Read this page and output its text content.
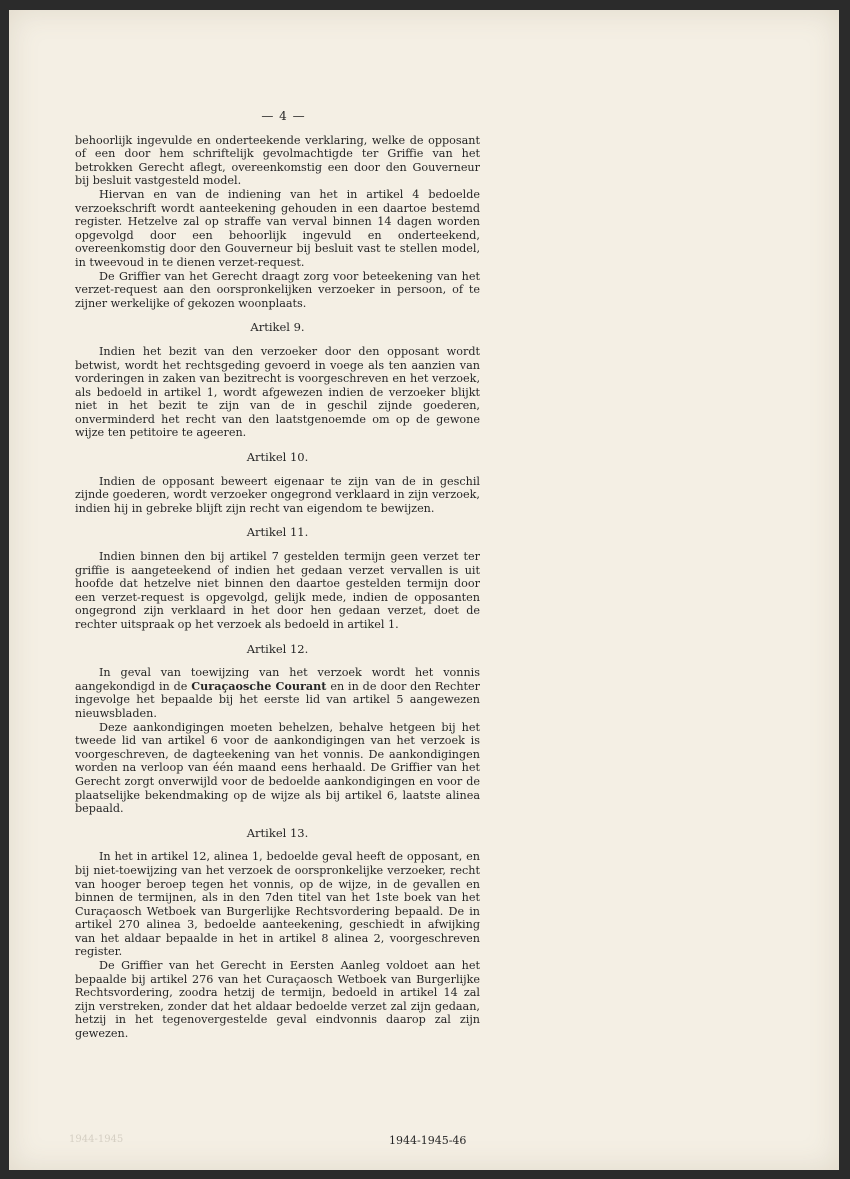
— 4 —

behoorlijk ingevulde en onderteekende verklaring, welke de opposant of een door hem schriftelijk gevolmachtigde ter Griffie van het betrokken Gerecht aflegt, overeenkomstig een door den Gouverneur bij besluit vastgesteld model.

Hiervan en van de indiening van het in artikel 4 bedoelde verzoekschrift wordt aanteekening gehouden in een daartoe bestemd register. Hetzelve zal op straffe van verval binnen 14 dagen worden opgevolgd door een behoorlijk ingevuld en onderteekend, overeenkomstig door den Gouverneur bij besluit vast te stellen model, in tweevoud in te dienen verzet-request.

De Griffier van het Gerecht draagt zorg voor beteekening van het verzet-request aan den oorspronkelijken verzoeker in persoon, of te zijner werkelijke of gekozen woonplaats.

Artikel 9.

Indien het bezit van den verzoeker door den opposant wordt betwist, wordt het rechtsgeding gevoerd in voege als ten aanzien van vorderingen in zaken van bezitrecht is voorgeschreven en het verzoek, als bedoeld in artikel 1, wordt afgewezen indien de verzoeker blijkt niet in het bezit te zijn van de in geschil zijnde goederen, onverminderd het recht van den laatstgenoemde om op de gewone wijze ten petitoire te ageeren.

Artikel 10.

Indien de opposant beweert eigenaar te zijn van de in geschil zijnde goederen, wordt verzoeker ongegrond verklaard in zijn verzoek, indien hij in gebreke blijft zijn recht van eigendom te bewijzen.

Artikel 11.

Indien binnen den bij artikel 7 gestelden termijn geen verzet ter griffie is aangeteekend of indien het gedaan verzet vervallen is uit hoofde dat hetzelve niet binnen den daartoe gestelden termijn door een verzet-request is opgevolgd, gelijk mede, indien de opposanten ongegrond zijn verklaard in het door hen gedaan verzet, doet de rechter uitspraak op het verzoek als bedoeld in artikel 1.

Artikel 12.

In geval van toewijzing van het verzoek wordt het vonnis aangekondigd in de Curaçaosche Courant en in de door den Rechter ingevolge het bepaalde bij het eerste lid van artikel 5 aangewezen nieuwsbladen.

Deze aankondigingen moeten behelzen, behalve hetgeen bij het tweede lid van artikel 6 voor de aankondigingen van het verzoek is voorgeschreven, de dagteekening van het vonnis. De aankondigingen worden na verloop van één maand eens herhaald. De Griffier van het Gerecht zorgt onverwijld voor de bedoelde aankondigingen en voor de plaatselijke bekendmaking op de wijze als bij artikel 6, laatste alinea bepaald.

Artikel 13.

In het in artikel 12, alinea 1, bedoelde geval heeft de opposant, en bij niet-toewijzing van het verzoek de oorspronkelijke verzoeker, recht van hooger beroep tegen het vonnis, op de wijze, in de gevallen en binnen de termijnen, als in den 7den titel van het 1ste boek van het Curaçaosch Wetboek van Burgerlijke Rechtsvordering bepaald. De in artikel 270 alinea 3, bedoelde aanteekening, geschiedt in afwijking van het aldaar bepaalde in het in artikel 8 alinea 2, voorgeschreven register.

De Griffier van het Gerecht in Eersten Aanleg voldoet aan het bepaalde bij artikel 276 van het Curaçaosch Wetboek van Burgerlijke Rechtsvordering, zoodra hetzij de termijn, bedoeld in artikel 14 zal zijn verstreken, zonder dat het aldaar bedoelde verzet zal zijn gedaan, hetzij in het tegenovergestelde geval eindvonnis daarop zal zijn gewezen.

1944-1945	1944-1945-46
